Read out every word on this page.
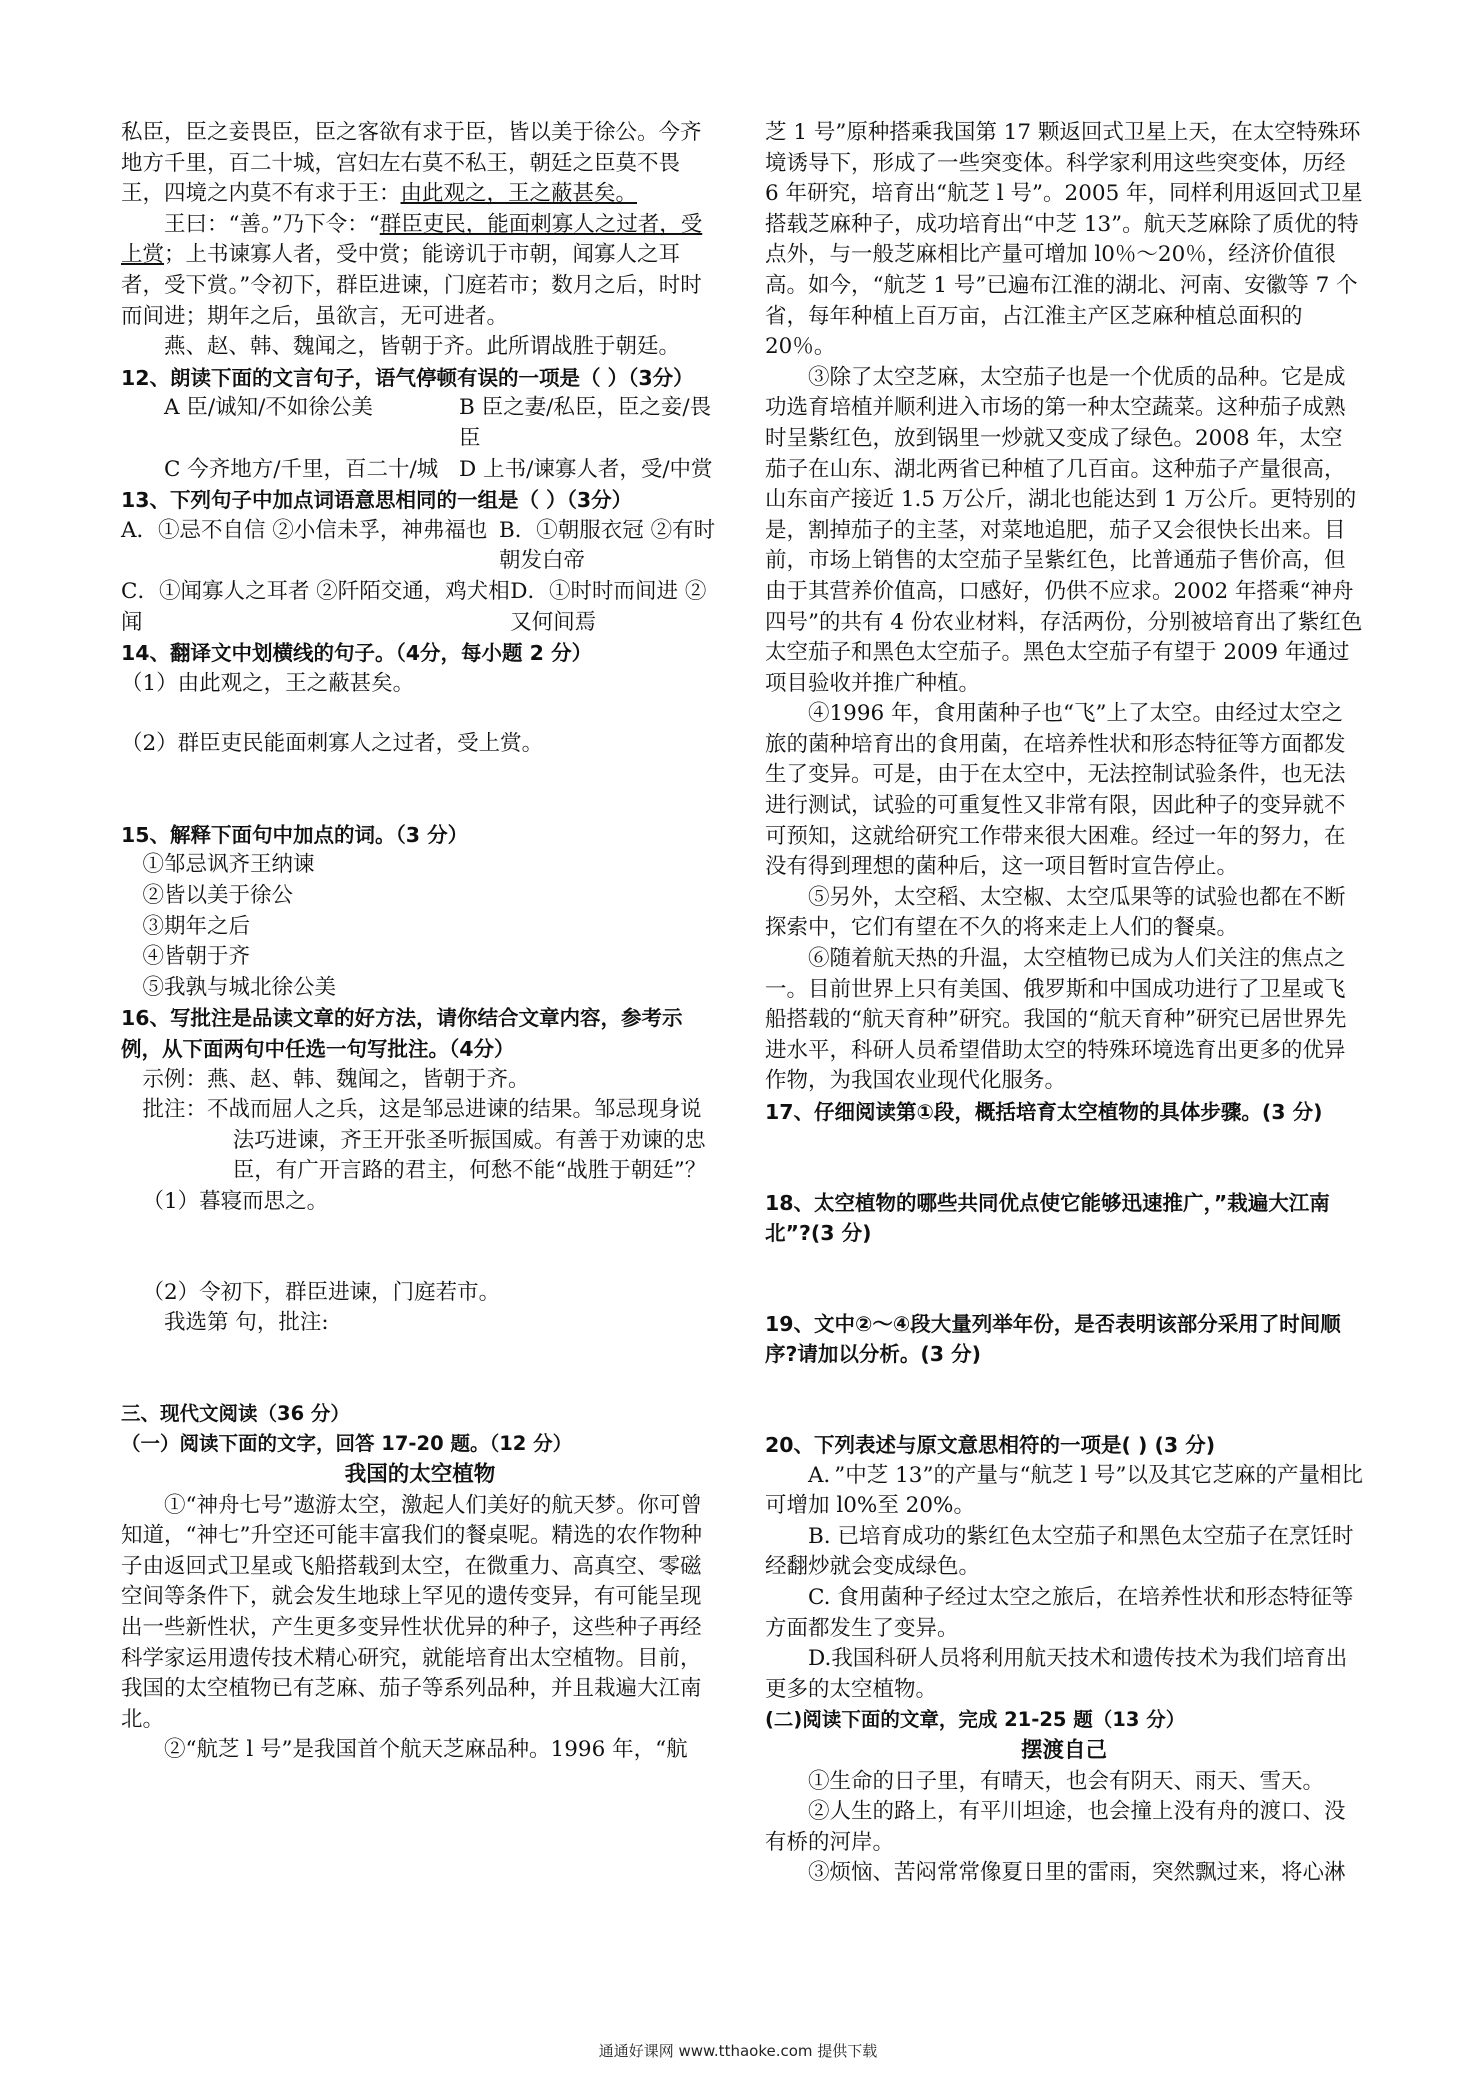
私臣，臣之妾畏臣，臣之客欲有求于臣，皆以美于徐公。今齐地方千里，百二十城，宫妇左右莫不私王，朝廷之臣莫不畏王，四境之内莫不有求于王：由此观之，王之蔽甚矣。

王曰：“善。”乃下令：“群臣吏民，能面刺寡人之过者，受上赏；上书谏寡人者，受中赏；能谤讥于市朝，闻寡人之耳者，受下赏。”令初下，群臣进谏，门庭若市；数月之后，时时而间进；期年之后，虽欲言，无可进者。

燕、赵、韩、魏闻之，皆朝于齐。此所谓战胜于朝廷。

12、朗读下面的文言句子，语气停顿有误的一项是（ ）（3分）

A 臣/诚知/不如徐公美	B 臣之妻/私臣，臣之妾/畏臣
C 今齐地方/千里，百二十/城 D 上书/谏寡人者，受/中赏

13、下列句子中加点词语意思相同的一组是（ ）（3分）

A．①忌不自信 ②小信未孚，神弗福也 B．①朝服衣冠 ②有时朝发白帝
C．①闻寡人之耳者 ②阡陌交通，鸡犬相闻
D．①时时而间进 ②又何间焉

14、翻译文中划横线的句子。（4分，每小题 2 分）

（1）由此观之，王之蔽甚矣。

（2）群臣吏民能面刺寡人之过者，受上赏。

15、解释下面句中加点的词。（3 分）

①邹忌讽齐王纳谏

②皆以美于徐公

③期年之后

④皆朝于齐

⑤我孰与城北徐公美

16、写批注是品读文章的好方法，请你结合文章内容，参考示例，从下面两句中任选一句写批注。（4分）

示例：燕、赵、韩、魏闻之，皆朝于齐。

批注：不战而屈人之兵，这是邹忌进谏的结果。邹忌现身说法巧进谏，齐王开张圣听振国威。有善于劝谏的忠臣，有广开言路的君主，何愁不能“战胜于朝廷”？

（1）暮寝而思之。

（2）令初下，群臣进谏，门庭若市。

我选第 句，批注:

三、现代文阅读（36 分）

（一）阅读下面的文字，回答 17-20 题。（12 分）

我国的太空植物

①“神舟七号”遨游太空，激起人们美好的航天梦。你可曾知道，“神七”升空还可能丰富我们的餐桌呢。精选的农作物种子由返回式卫星或飞船搭载到太空，在微重力、高真空、零磁空间等条件下，就会发生地球上罕见的遗传变异，有可能呈现出一些新性状，产生更多变异性状优异的种子，这些种子再经科学家运用遗传技术精心研究，就能培育出太空植物。目前，我国的太空植物已有芝麻、茄子等系列品种，并且栽遍大江南北。

②“航芝 l 号”是我国首个航天芝麻品种。1996 年，“航

芝 1 号”原种搭乘我国第 17 颗返回式卫星上天，在太空特殊环境诱导下，形成了一些突变体。科学家利用这些突变体，历经 6 年研究，培育出“航芝 l 号”。2005 年，同样利用返回式卫星搭载芝麻种子，成功培育出“中芝 13”。航天芝麻除了质优的特点外，与一般芝麻相比产量可增加 l0％～20％，经济价值很高。如今，“航芝 1 号”已遍布江淮的湖北、河南、安徽等 7 个省，每年种植上百万亩，占江淮主产区芝麻种植总面积的 20％。

③除了太空芝麻，太空茄子也是一个优质的品种。它是成功选育培植并顺利进入市场的第一种太空蔬菜。这种茄子成熟时呈紫红色，放到锅里一炒就又变成了绿色。2008 年，太空茄子在山东、湖北两省已种植了几百亩。这种茄子产量很高，山东亩产接近 1.5 万公斤，湖北也能达到 1 万公斤。更特别的是，割掉茄子的主茎，对菜地追肥，茄子又会很快长出来。目前，市场上销售的太空茄子呈紫红色，比普通茄子售价高，但由于其营养价值高，口感好，仍供不应求。2002 年搭乘“神舟四号”的共有 4 份农业材料，存活两份，分别被培育出了紫红色太空茄子和黑色太空茄子。黑色太空茄子有望于 2009 年通过项目验收并推广种植。

④1996 年，食用菌种子也“飞”上了太空。由经过太空之旅的菌种培育出的食用菌，在培养性状和形态特征等方面都发生了变异。可是，由于在太空中，无法控制试验条件，也无法进行测试，试验的可重复性又非常有限，因此种子的变异就不可预知，这就给研究工作带来很大困难。经过一年的努力，在没有得到理想的菌种后，这一项目暂时宣告停止。

⑤另外，太空稻、太空椒、太空瓜果等的试验也都在不断探索中，它们有望在不久的将来走上人们的餐桌。

⑥随着航天热的升温，太空植物已成为人们关注的焦点之一。目前世界上只有美国、俄罗斯和中国成功进行了卫星或飞船搭载的“航天育种”研究。我国的“航天育种”研究已居世界先进水平，科研人员希望借助太空的特殊环境选育出更多的优异作物，为我国农业现代化服务。

17、仔细阅读第①段，概括培育太空植物的具体步骤。(3 分)

18、太空植物的哪些共同优点使它能够迅速推广，”栽遍大江南北”?(3 分)

19、文中②～④段大量列举年份，是否表明该部分采用了时间顺序?请加以分析。(3 分)

20、下列表述与原文意思相符的一项是( ) (3 分)

A．”中芝 13”的产量与“航芝 l 号”以及其它芝麻的产量相比可增加 l0%至 20%。

B. 已培育成功的紫红色太空茄子和黑色太空茄子在烹饪时经翻炒就会变成绿色。

C. 食用菌种子经过太空之旅后，在培养性状和形态特征等方面都发生了变异。

D.我国科研人员将利用航天技术和遗传技术为我们培育出更多的太空植物。

(二)阅读下面的文章，完成 21-25 题（13 分）

摆渡自己

①生命的日子里，有晴天，也会有阴天、雨天、雪天。

②人生的路上，有平川坦途，也会撞上没有舟的渡口、没有桥的河岸。

③烦恼、苦闷常常像夏日里的雷雨，突然飘过来，将心淋

通通好课网 www.tthaoke.com 提供下载
